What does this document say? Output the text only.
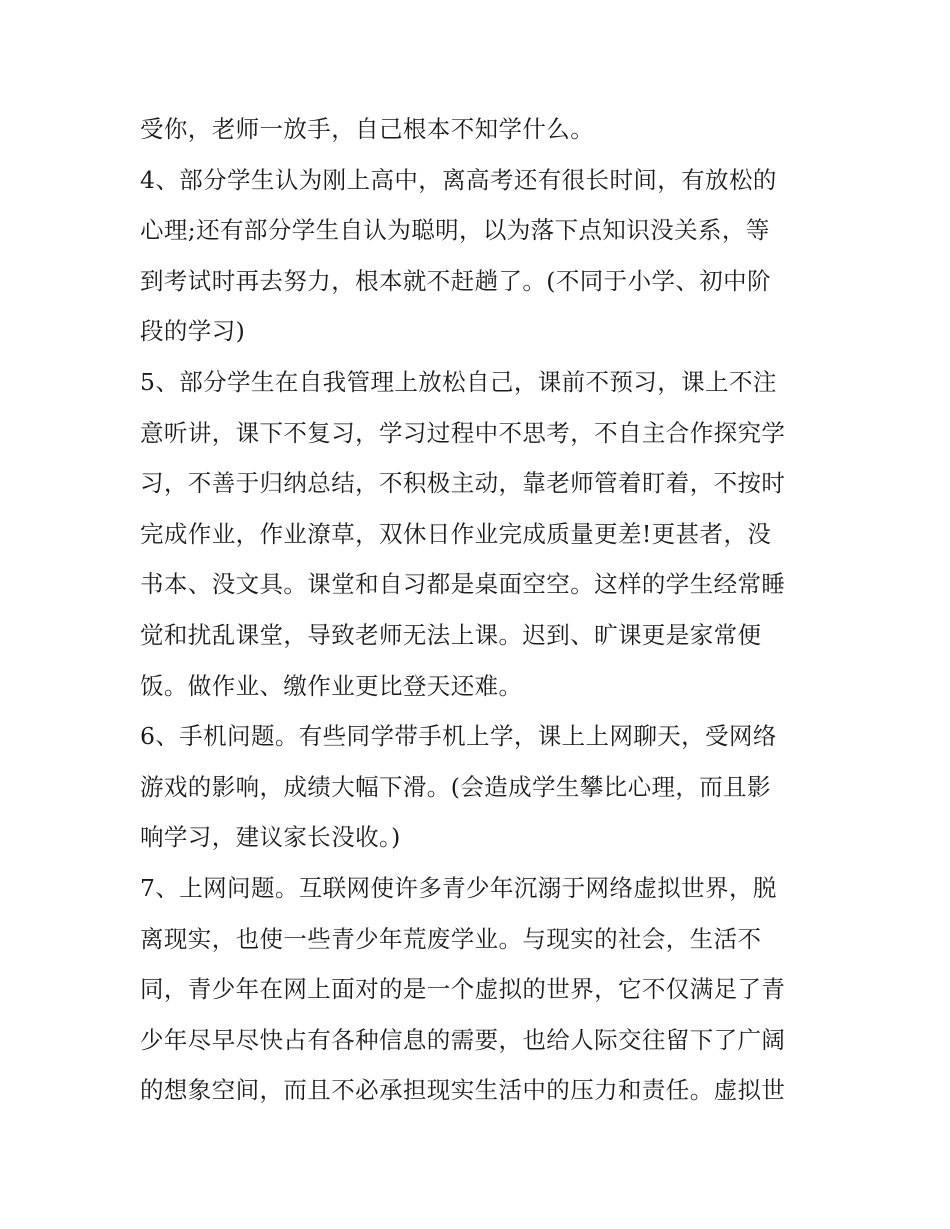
受你，老师一放手，自己根本不知学什么。
4、部分学生认为刚上高中，离高考还有很长时间，有放松的
心理;还有部分学生自认为聪明，以为落下点知识没关系，等
到考试时再去努力，根本就不赶趟了。(不同于小学、初中阶
段的学习)
5、部分学生在自我管理上放松自己，课前不预习，课上不注
意听讲，课下不复习，学习过程中不思考，不自主合作探究学
习，不善于归纳总结，不积极主动，靠老师管着盯着，不按时
完成作业，作业潦草，双休日作业完成质量更差!更甚者，没
书本、没文具。课堂和自习都是桌面空空。这样的学生经常睡
觉和扰乱课堂，导致老师无法上课。迟到、旷课更是家常便
饭。做作业、缴作业更比登天还难。
6、手机问题。有些同学带手机上学，课上上网聊天，受网络
游戏的影响，成绩大幅下滑。(会造成学生攀比心理，而且影
响学习，建议家长没收。)
7、上网问题。互联网使许多青少年沉溺于网络虚拟世界，脱
离现实，也使一些青少年荒废学业。与现实的社会，生活不
同，青少年在网上面对的是一个虚拟的世界，它不仅满足了青
少年尽早尽快占有各种信息的需要，也给人际交往留下了广阔
的想象空间，而且不必承担现实生活中的压力和责任。虚拟世
